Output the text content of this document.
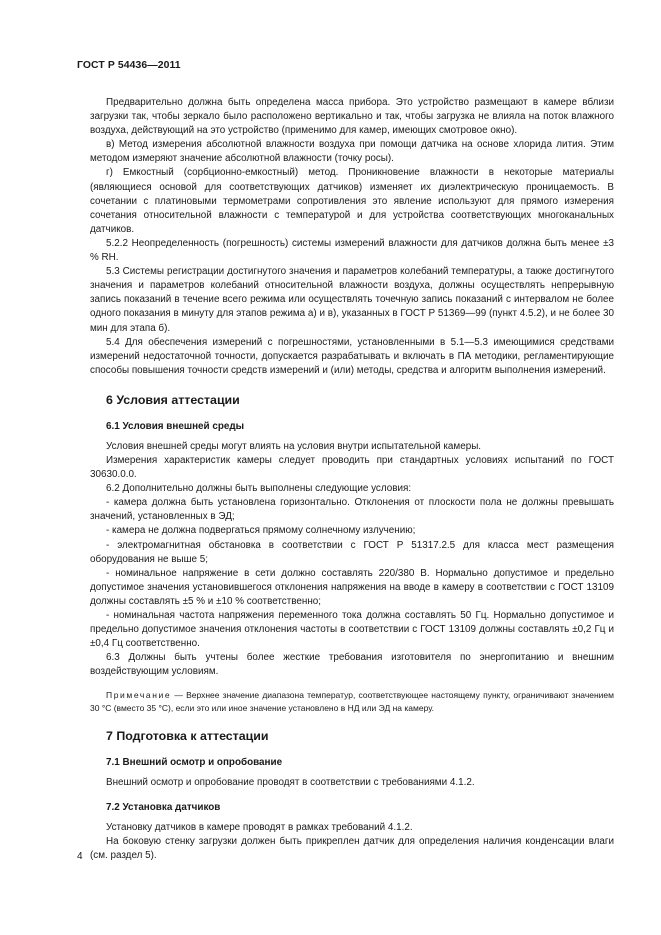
ГОСТ Р 54436—2011

Предварительно должна быть определена масса прибора. Это устройство размещают в камере вблизи загрузки так, чтобы зеркало было расположено вертикально и так, чтобы загрузка не влияла на поток влажного воздуха, действующий на это устройство (применимо для камер, имеющих смотровое окно).

в) Метод измерения абсолютной влажности воздуха при помощи датчика на основе хлорида лития. Этим методом измеряют значение абсолютной влажности (точку росы).

г) Емкостный (сорбционно-емкостный) метод. Проникновение влажности в некоторые материалы (являющиеся основой для соответствующих датчиков) изменяет их диэлектрическую проницаемость. В сочетании с платиновыми термометрами сопротивления это явление используют для прямого измерения сочетания относительной влажности с температурой и для устройства соответствующих многоканальных датчиков.

5.2.2 Неопределенность (погрешность) системы измерений влажности для датчиков должна быть менее ±3 % RH.

5.3 Системы регистрации достигнутого значения и параметров колебаний температуры, а также достигнутого значения и параметров колебаний относительной влажности воздуха, должны осуществлять непрерывную запись показаний в течение всего режима или осуществлять точечную запись показаний с интервалом не более одного показания в минуту для этапов режима а) и в), указанных в ГОСТ Р 51369—99 (пункт 4.5.2), и не более 30 мин для этапа б).

5.4 Для обеспечения измерений с погрешностями, установленными в 5.1—5.3 имеющимися средствами измерений недостаточной точности, допускается разрабатывать и включать в ПА методики, регламентирующие способы повышения точности средств измерений и (или) методы, средства и алгоритм выполнения измерений.

6 Условия аттестации
6.1 Условия внешней среды

Условия внешней среды могут влиять на условия внутри испытательной камеры.

Измерения характеристик камеры следует проводить при стандартных условиях испытаний по ГОСТ 30630.0.0.

6.2 Дополнительно должны быть выполнены следующие условия:

- камера должна быть установлена горизонтально. Отклонения от плоскости пола не должны превышать значений, установленных в ЭД;

- камера не должна подвергаться прямому солнечному излучению;

- электромагнитная обстановка в соответствии с ГОСТ Р 51317.2.5 для класса мест размещения оборудования не выше 5;

- номинальное напряжение в сети должно составлять 220/380 В. Нормально допустимое и предельно допустимое значения установившегося отклонения напряжения на вводе в камеру в соответствии с ГОСТ 13109 должны составлять ±5 % и ±10 % соответственно;

- номинальная частота напряжения переменного тока должна составлять 50 Гц. Нормально допустимое и предельно допустимое значения отклонения частоты в соответствии с ГОСТ 13109 должны составлять ±0,2 Гц и ±0,4 Гц соответственно.

6.3 Должны быть учтены более жесткие требования изготовителя по энергопитанию и внешним воздействующим условиям.

Примечание — Верхнее значение диапазона температур, соответствующее настоящему пункту, ограничивают значением 30 °C (вместо 35 °C), если это или иное значение установлено в НД или ЭД на камеру.
7 Подготовка к аттестации
7.1 Внешний осмотр и опробование

Внешний осмотр и опробование проводят в соответствии с требованиями 4.1.2.

7.2 Установка датчиков

Установку датчиков в камере проводят в рамках требований 4.1.2.

На боковую стенку загрузки должен быть прикреплен датчик для определения наличия конденсации влаги (см. раздел 5).

4
